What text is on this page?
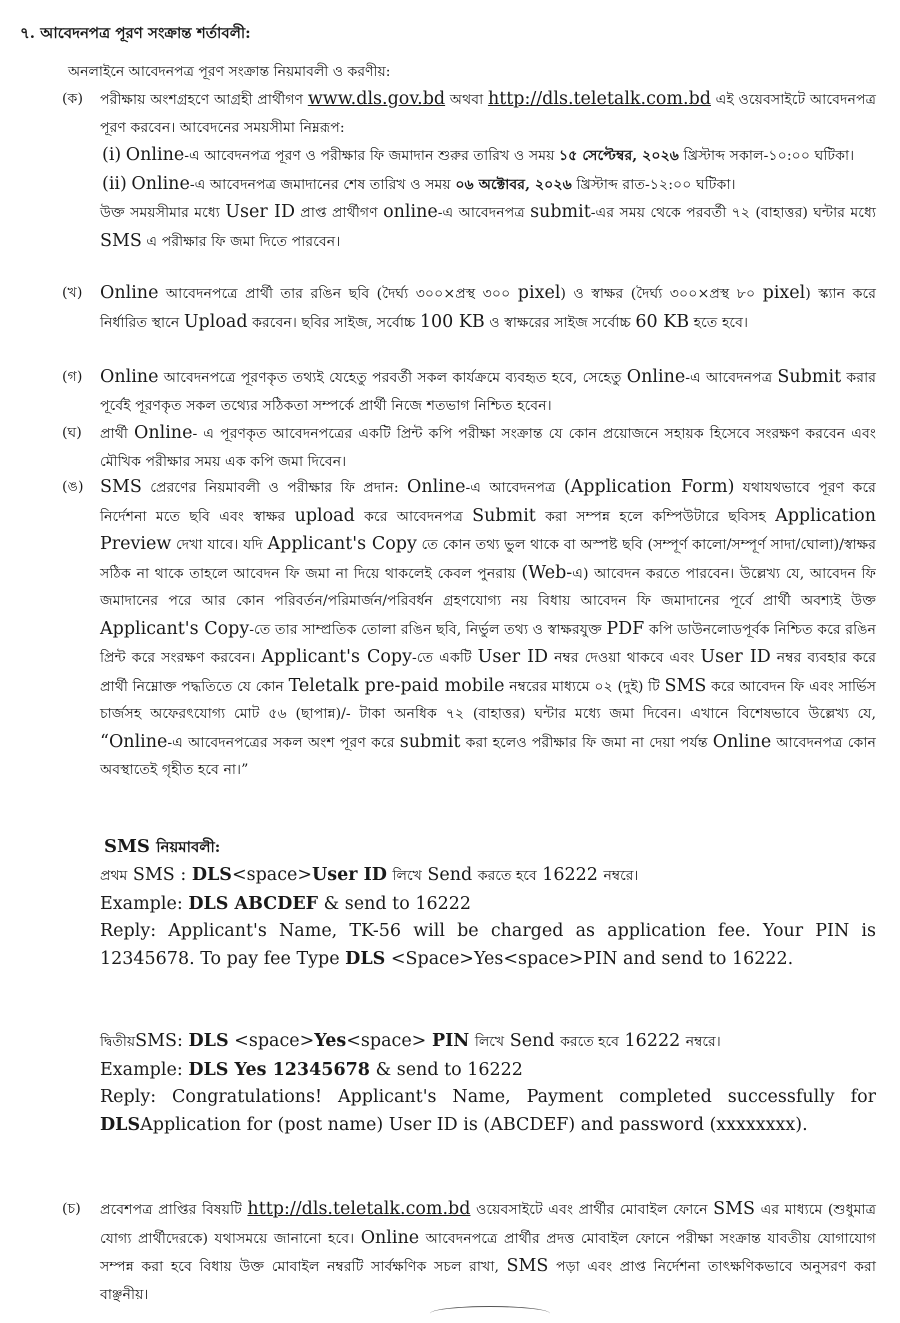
৭. আবেদনপত্র পূরণ সংক্রান্ত শর্তাবলী:
অনলাইনে আবেদনপত্র পূরণ সংক্রান্ত নিয়মাবলী ও করণীয়:
(ক)	পরীক্ষায় অংশগ্রহণে আগ্রহী প্রার্থীগণ www.dls.gov.bd অথবা http://dls.teletalk.com.bd এই ওয়েবসাইটে আবেদনপত্র পূরণ করবেন। আবেদনের সময়সীমা নিম্নরূপ:
(i) Online-এ আবেদনপত্র পূরণ ও পরীক্ষার ফি জমাদান শুরুর তারিখ ও সময় ১৫ সেপ্টেম্বর, ২০২৬ খ্রিস্টাব্দ সকাল-১০:০০ ঘটিকা।
(ii) Online-এ আবেদনপত্র জমাদানের শেষ তারিখ ও সময় ০৬ অক্টোবর, ২০২৬ খ্রিস্টাব্দ রাত-১২:০০ ঘটিকা।
উক্ত সময়সীমার মধ্যে User ID প্রাপ্ত প্রার্থীগণ online-এ আবেদনপত্র submit-এর সময় থেকে পরবর্তী ৭২ (বাহাত্তর) ঘন্টার মধ্যে SMS এ পরীক্ষার ফি জমা দিতে পারবেন।
(খ)	Online আবেদনপত্রে প্রার্থী তার রঙিন ছবি (দৈর্ঘ্য ৩০০×প্রস্থ ৩০০ pixel) ও স্বাক্ষর (দৈর্ঘ্য ৩০০×প্রস্থ ৮০ pixel) স্ক্যান করে নির্ধারিত স্থানে Upload করবেন। ছবির সাইজ, সর্বোচ্চ 100 KB ও স্বাক্ষরের সাইজ সর্বোচ্চ 60 KB হতে হবে।
(গ)	Online আবেদনপত্রে পূরণকৃত তথ্যই যেহেতু পরবর্তী সকল কার্যক্রমে ব্যবহৃত হবে, সেহেতু Online-এ আবেদনপত্র Submit করার পূর্বেই পূরণকৃত সকল তথ্যের সঠিকতা সম্পর্কে প্রার্থী নিজে শতভাগ নিশ্চিত হবেন।
(ঘ)	প্রার্থী Online- এ পূরণকৃত আবেদনপত্রের একটি প্রিন্ট কপি পরীক্ষা সংক্রান্ত যে কোন প্রয়োজনে সহায়ক হিসেবে সংরক্ষণ করবেন এবং মৌখিক পরীক্ষার সময় এক কপি জমা দিবেন।
(ঙ) SMS প্রেরণের নিয়মাবলী ও পরীক্ষার ফি প্রদান: Online-এ আবেদনপত্র (Application Form) যথাযথভাবে পূরণ করে নির্দেশনা মতে ছবি এবং স্বাক্ষর upload করে আবেদনপত্র Submit করা সম্পন্ন হলে কম্পিউটারে ছবিসহ Application Preview দেখা যাবে। যদি Applicant's Copy তে কোন তথ্য ভুল থাকে বা অস্পষ্ট ছবি (সম্পূর্ণ কালো/সম্পূর্ণ সাদা/ঘোলা)/স্বাক্ষর সঠিক না থাকে তাহলে আবেদন ফি জমা না দিয়ে থাকলেই কেবল পুনরায় (Web-এ) আবেদন করতে পারবেন। উল্লেখ্য যে, আবেদন ফি জমাদানের পরে আর কোন পরিবর্তন/পরিমার্জন/পরিবর্ধন গ্রহণযোগ্য নয় বিধায় আবেদন ফি জমাদানের পূর্বে প্রার্থী অবশ্যই উক্ত Applicant's Copy-তে তার সাম্প্রতিক তোলা রঙিন ছবি, নির্ভুল তথ্য ও স্বাক্ষরযুক্ত PDF কপি ডাউনলোডপূর্বক নিশ্চিত করে রঙিন প্রিন্ট করে সংরক্ষণ করবেন। Applicant's Copy-তে একটি User ID নম্বর দেওয়া থাকবে এবং User ID নম্বর ব্যবহার করে প্রার্থী নিম্নোক্ত পদ্ধতিতে যে কোন Teletalk pre-paid mobile নম্বরের মাধ্যমে ০২ (দুই) টি SMS করে আবেদন ফি এবং সার্ভিস চার্জসহ অফেরৎযোগ্য মোট ৫৬ (ছাপান্ন)/- টাকা অনধিক ৭২ (বাহাত্তর) ঘন্টার মধ্যে জমা দিবেন। এখানে বিশেষভাবে উল্লেখ্য যে, “Online-এ আবেদনপত্রের সকল অংশ পূরণ করে submit করা হলেও পরীক্ষার ফি জমা না দেয়া পর্যন্ত Online আবেদনপত্র কোন অবস্থাতেই গৃহীত হবে না।”
SMS নিয়মাবলী:
প্রথম SMS : DLS<space>User ID লিখে Send করতে হবে 16222 নম্বরে।
Example: DLS ABCDEF & send to 16222
Reply: Applicant's Name, TK-56 will be charged as application fee. Your PIN is 12345678. To pay fee Type DLS <Space>Yes<space>PIN and send to 16222.
দ্বিতীয়SMS: DLS <space>Yes<space> PIN লিখে Send করতে হবে 16222 নম্বরে।
Example: DLS Yes 12345678 & send to 16222
Reply: Congratulations! Applicant's Name, Payment completed successfully for DLSApplication for (post name) User ID is (ABCDEF) and password (xxxxxxxx).
(চ)	প্রবেশপত্র প্রাপ্তির বিষয়টি http://dls.teletalk.com.bd ওয়েবসাইটে এবং প্রার্থীর মোবাইল ফোনে SMS এর মাধ্যমে (শুধুমাত্র যোগ্য প্রার্থীদেরকে) যথাসময়ে জানানো হবে। Online আবেদনপত্রে প্রার্থীর প্রদত্ত মোবাইল ফোনে পরীক্ষা সংক্রান্ত যাবতীয় যোগাযোগ সম্পন্ন করা হবে বিধায় উক্ত মোবাইল নম্বরটি সার্বক্ষণিক সচল রাখা, SMS পড়া এবং প্রাপ্ত নির্দেশনা তাৎক্ষণিকভাবে অনুসরণ করা বাঞ্ছনীয়।
